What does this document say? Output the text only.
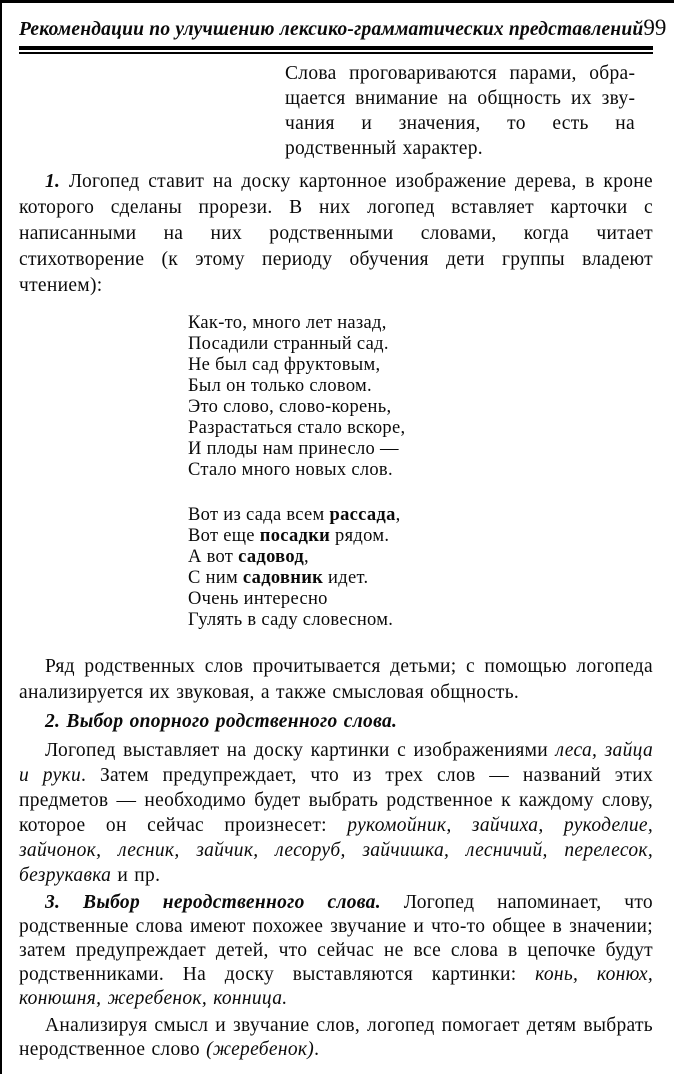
Рекомендации по улучшению лексико-грамматических представлений 99

Слова проговариваются парами, обращается внимание на общность их звучания и значения, то есть на родственный характер.

1. Логопед ставит на доску картонное изображение дерева, в кроне которого сделаны прорези. В них логопед вставляет карточки с написанными на них родственными словами, когда читает стихотворение (к этому периоду обучения дети группы владеют чтением):

Как-то, много лет назад,
Посадили странный сад.
Не был сад фруктовым,
Был он только словом.
Это слово, слово-корень,
Разрастаться стало вскоре,
И плоды нам принесло —
Стало много новых слов.
Вот из сада всем рассада,
Вот еще посадки рядом.
А вот садовод,
С ним садовник идет.
Очень интересно
Гулять в саду словесном.

Ряд родственных слов прочитывается детьми; с помощью логопеда анализируется их звуковая, а также смысловая общность.

2. Выбор опорного родственного слова.

Логопед выставляет на доску картинки с изображениями леса, зайца и руки. Затем предупреждает, что из трех слов — названий этих предметов — необходимо будет выбрать родственное к каждому слову, которое он сейчас произнесет: рукомойник, зайчиха, рукоделие, зайчонок, лесник, зайчик, лесоруб, зайчишка, лесничий, перелесок, безрукавка и пр.

3. Выбор неродственного слова. Логопед напоминает, что родственные слова имеют похожее звучание и что-то общее в значении; затем предупреждает детей, что сейчас не все слова в цепочке будут родственниками. На доску выставляются картинки: конь, конюх, конюшня, жеребенок, конница.

Анализируя смысл и звучание слов, логопед помогает детям выбрать неродственное слово (жеребенок).
